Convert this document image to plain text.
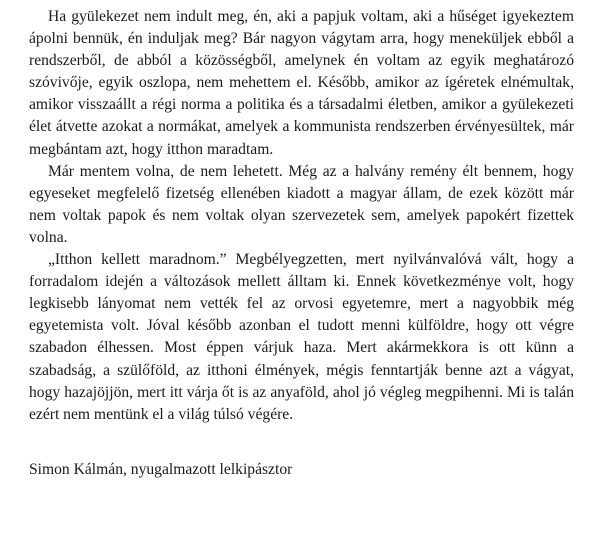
Ha gyülekezet nem indult meg, én, aki a papjuk voltam, aki a hűséget igyekeztem ápolni bennük, én induljak meg? Bár nagyon vágytam arra, hogy meneküljek ebből a rendszerből, de abból a közösségből, amelynek én voltam az egyik meghatározó szóvivője, egyik oszlopa, nem mehettem el. Később, amikor az ígéretek elnémultak, amikor visszaállt a régi norma a politika és a társadalmi életben, amikor a gyülekezeti élet átvette azokat a normákat, amelyek a kommunista rendszerben érvényesültek, már megbántam azt, hogy itthon maradtam.

Már mentem volna, de nem lehetett. Még az a halvány remény élt bennem, hogy egyeseket megfelelő fizetség ellenében kiadott a magyar állam, de ezek között már nem voltak papok és nem voltak olyan szervezetek sem, amelyek papokért fizettek volna.

„Itthon kellett maradnom.” Megbélyegzetten, mert nyilvánvalóvá vált, hogy a forradalom idején a változások mellett álltam ki. Ennek következménye volt, hogy legkisebb lányomat nem vették fel az orvosi egyetemre, mert a nagyobbik még egyetemista volt. Jóval később azonban el tudott menni külföldre, hogy ott végre szabadon élhessen. Most éppen várjuk haza. Mert akármekkora is ott künn a szabadság, a szülőföld, az itthoni élmények, mégis fenntartják benne azt a vágyat, hogy hazajöjjön, mert itt várja őt is az anyaföld, ahol jó végleg megpihenni. Mi is talán ezért nem mentünk el a világ túlsó végére.

Simon Kálmán, nyugalmazott lelkipásztor
